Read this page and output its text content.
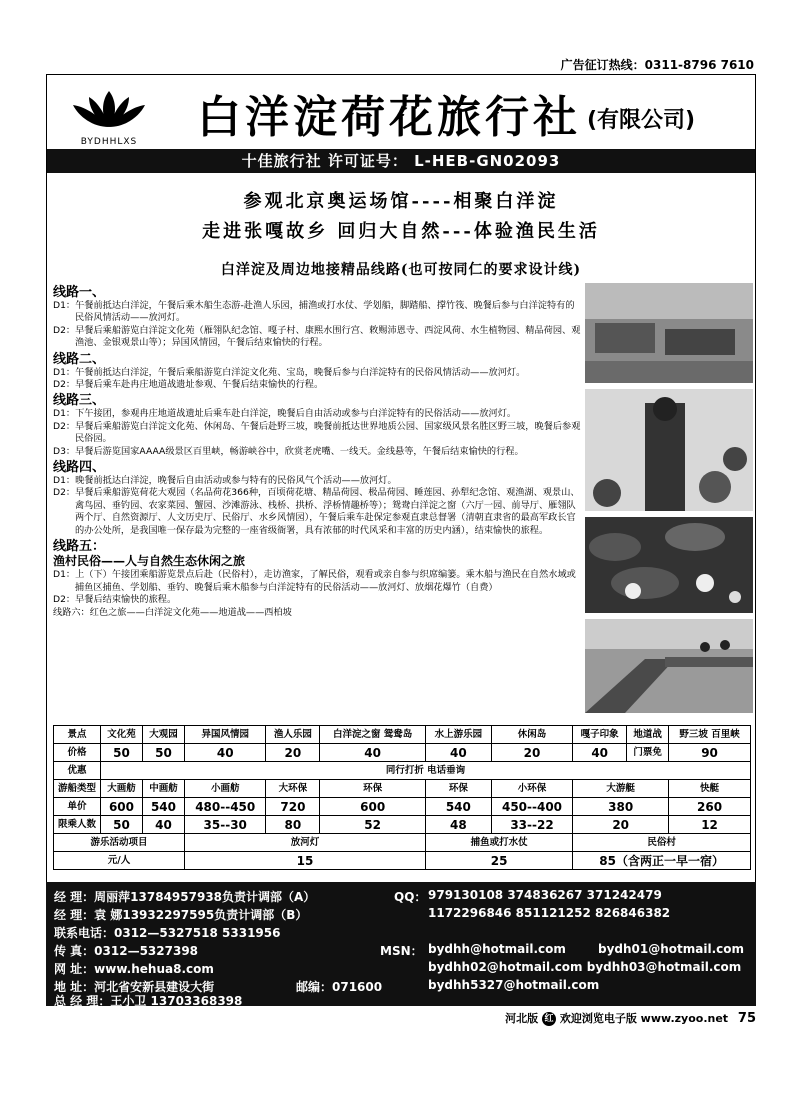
广告征订热线：0311-8796 7610
BYDHHLXS 白洋淀荷花旅行社 (有限公司)
十佳旅行社 许可证号： L-HEB-GN02093
参观北京奥运场馆----相聚白洋淀
走进张嘎故乡 回归大自然---体验渔民生活
白洋淀及周边地接精品线路(也可按同仁的要求设计线)
线路一、
D1：午餐前抵达白洋淀，午餐后乘木船生态游-赴渔人乐园，捕渔或打水仗、学划船，脚踏船、撑竹筏、晚餐后参与白洋淀特有的民俗风情活动——放河灯。
D2：早餐后乘船游览白洋淀文化苑（雁翎队纪念馆、嘎子村、康熙水围行宫、敕赐沛恩寺、西淀风荷、水生植物园、精品荷园、观渔池、金银观景山等）；异国风情园，午餐后结束愉快的行程。
线路二、
D1：午餐前抵达白洋淀，午餐后乘船游览白洋淀文化苑、宝岛，晚餐后参与白洋淀特有的民俗风情活动——放河灯。
D2：早餐后乘车赴冉庄地道战遗址参观、午餐后结束愉快的行程。
线路三、
D1：下午接团，参观冉庄地道战遗址后乘车赴白洋淀，晚餐后自由活动或参与白洋淀特有的民俗活动——放河灯。
D2：早餐后乘船游览白洋淀文化苑、休闲岛、午餐后赴野三坡，晚餐前抵达世界地质公园、国家级风景名胜区野三坡，晚餐后参观民俗园。
D3：早餐后游览国家AAAA级景区百里峡，畅游峡谷中，欣赏老虎嘴、一线天。金线悬等，午餐后结束愉快的行程。
线路四、
D1：晚餐前抵达白洋淀，晚餐后自由活动或参与特有的民俗风气个活动——放河灯。
D2：早餐后乘船游览荷花大观园（名品荷花366种，百顷荷花塘、精品荷园、极品荷园、睡莲园、孙犁纪念馆、观渔湖、观景山、禽鸟园、垂钓园、农家菜园、蟹园、沙滩游泳、栈桥、拱桥、浮桥情趣桥等）；鸳鸯白洋淀之窗（六厅一园、前导厅、雁翎队两个厅、自然资源厅、人文历史厅、民俗厅、水乡风情园），午餐后乘车赴保定参观直隶总督署（清朝直隶省的最高军政长官的办公处所，是我国唯一保存最为完整的一座省级衙署，具有浓郁的时代风采和丰富的历史内涵），结束愉快的旅程。
线路五：
渔村民俗——人与自然生态休闲之旅
D1：上（下）午接团乘船游览景点后赴（民俗村），走访渔家，了解民俗，观看或亲自参与织席编篓。乘木船与渔民在自然水域或捕鱼区捕鱼、学划船、垂钓、晚餐后乘木船参与白洋淀特有的民俗活动——放河灯、放烟花爆竹（自费）
D2：早餐后结束愉快的旅程。
线路六：红色之旅——白洋淀文化苑——地道战——西柏坡
景点	文化苑	大观园	异国风情园	渔人乐园	白洋淀之窗 鸳鸯岛	水上游乐园	休闲岛	嘎子印象	地道战	野三坡 百里峡
价格	50	50	40	20	40	40	20	40	门票免	90
优惠	同行打折 电话垂询									
游船类型	大画舫	中画舫	小画舫	大环保	环保	环保	小环保	大游艇		快艇
单价	600	540	480--450	720	600	540	450--400	380		260
限乘人数	50	40	35--30	80	52	48	33--22	20		12
游乐活动项目			放河灯			捕鱼或打水仗		民俗村		
元/人			15			25		85（含两正一早一宿）		
经 理：周丽萍13784957938负责计调部（A）
经 理：袁 娜13932297595负责计调部（B）
联系电话：0312—5327518 5331956
传 真：0312—5327398
网 址：www.hehua8.com
地 址：河北省安新县建设大街	邮编：071600
总 经 理：王小卫 13703368398
QQ： 979130108 374836267 371242479
1172296846 851121252 826846382
MSN： bydhh@hotmail.com	bydh01@hotmail.com
bydhh02@hotmail.com bydhh03@hotmail.com
bydhh5327@hotmail.com
河北版 红 欢迎浏览电子版 www.zyoo.net 75
